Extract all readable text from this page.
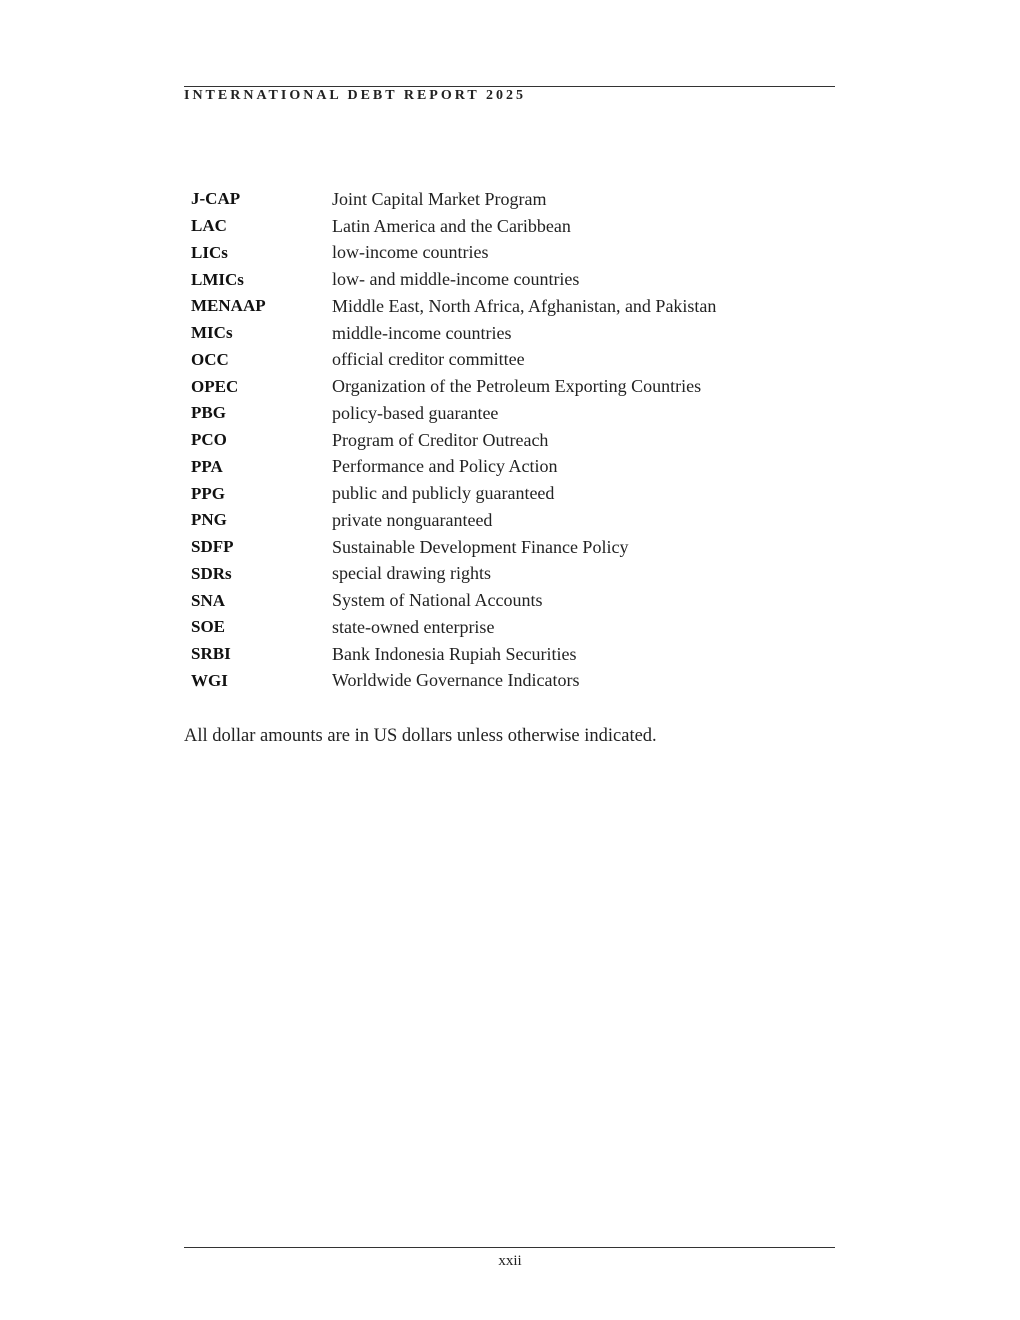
INTERNATIONAL DEBT REPORT 2025
J-CAP	Joint Capital Market Program
LAC	Latin America and the Caribbean
LICs	low-income countries
LMICs	low- and middle-income countries
MENAAP	Middle East, North Africa, Afghanistan, and Pakistan
MICs	middle-income countries
OCC	official creditor committee
OPEC	Organization of the Petroleum Exporting Countries
PBG	policy-based guarantee
PCO	Program of Creditor Outreach
PPA	Performance and Policy Action
PPG	public and publicly guaranteed
PNG	private nonguaranteed
SDFP	Sustainable Development Finance Policy
SDRs	special drawing rights
SNA	System of National Accounts
SOE	state-owned enterprise
SRBI	Bank Indonesia Rupiah Securities
WGI	Worldwide Governance Indicators
All dollar amounts are in US dollars unless otherwise indicated.
xxii
